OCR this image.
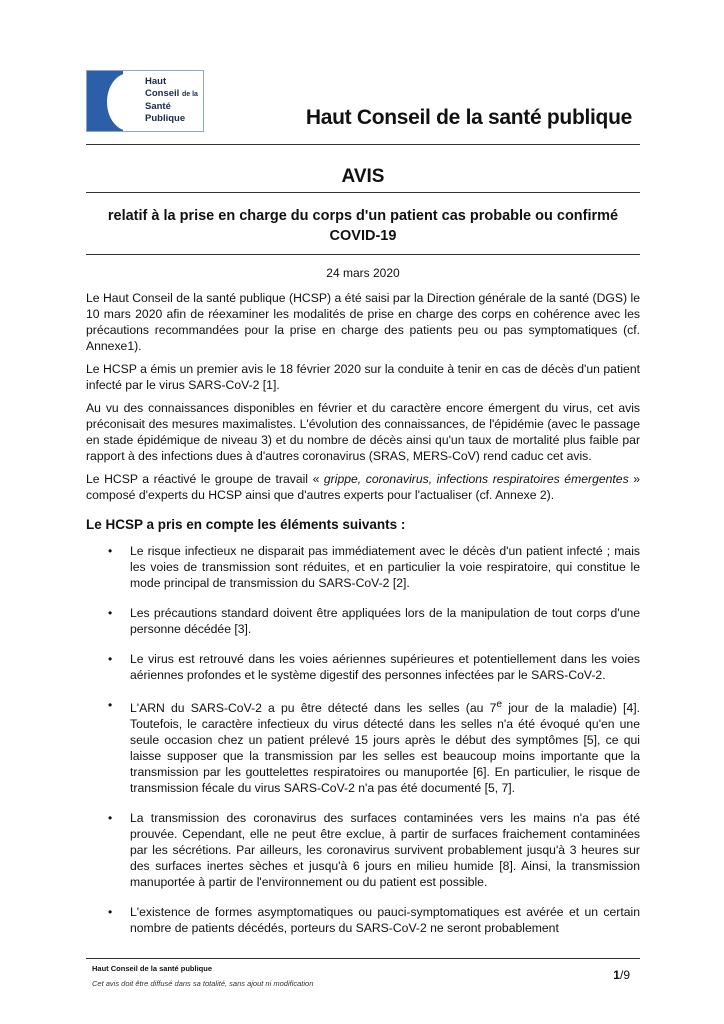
Haut
Conseil de la
Santé
Publique	Haut Conseil de la santé publique
AVIS
relatif à la prise en charge du corps d'un patient cas probable ou confirmé
COVID-19
24 mars 2020

Le Haut Conseil de la santé publique (HCSP) a été saisi par la Direction générale de la santé (DGS) le 10 mars 2020 afin de réexaminer les modalités de prise en charge des corps en cohérence avec les précautions recommandées pour la prise en charge des patients peu ou pas symptomatiques (cf. Annexe1).

Le HCSP a émis un premier avis le 18 février 2020 sur la conduite à tenir en cas de décès d'un patient infecté par le virus SARS-CoV-2 [1].

Au vu des connaissances disponibles en février et du caractère encore émergent du virus, cet avis préconisait des mesures maximalistes. L'évolution des connaissances, de l'épidémie (avec le passage en stade épidémique de niveau 3) et du nombre de décès ainsi qu'un taux de mortalité plus faible par rapport à des infections dues à d'autres coronavirus (SRAS, MERS-CoV) rend caduc cet avis.

Le HCSP a réactivé le groupe de travail « grippe, coronavirus, infections respiratoires émergentes » composé d'experts du HCSP ainsi que d'autres experts pour l'actualiser (cf. Annexe 2).

Le HCSP a pris en compte les éléments suivants :
• Le risque infectieux ne disparait pas immédiatement avec le décès d'un patient infecté ; mais les voies de transmission sont réduites, et en particulier la voie respiratoire, qui constitue le mode principal de transmission du SARS-CoV-2 [2].
• Les précautions standard doivent être appliquées lors de la manipulation de tout corps d'une personne décédée [3].
• Le virus est retrouvé dans les voies aériennes supérieures et potentiellement dans les voies aériennes profondes et le système digestif des personnes infectées par le SARS-CoV-2.
• L'ARN du SARS-CoV-2 a pu être détecté dans les selles (au 7e jour de la maladie) [4]. Toutefois, le caractère infectieux du virus détecté dans les selles n'a été évoqué qu'en une seule occasion chez un patient prélevé 15 jours après le début des symptômes [5], ce qui laisse supposer que la transmission par les selles est beaucoup moins importante que la transmission par les gouttelettes respiratoires ou manuportée [6]. En particulier, le risque de transmission fécale du virus SARS-CoV-2 n'a pas été documenté [5, 7].
• La transmission des coronavirus des surfaces contaminées vers les mains n'a pas été prouvée. Cependant, elle ne peut être exclue, à partir de surfaces fraichement contaminées par les sécrétions. Par ailleurs, les coronavirus survivent probablement jusqu'à 3 heures sur des surfaces inertes sèches et jusqu'à 6 jours en milieu humide [8]. Ainsi, la transmission manuportée à partir de l'environnement ou du patient est possible.
• L'existence de formes asymptomatiques ou pauci-symptomatiques est avérée et un certain nombre de patients décédés, porteurs du SARS-CoV-2 ne seront probablement
Haut Conseil de la santé publique
Cet avis doit être diffusé dans sa totalité, sans ajout ni modification
1/9
